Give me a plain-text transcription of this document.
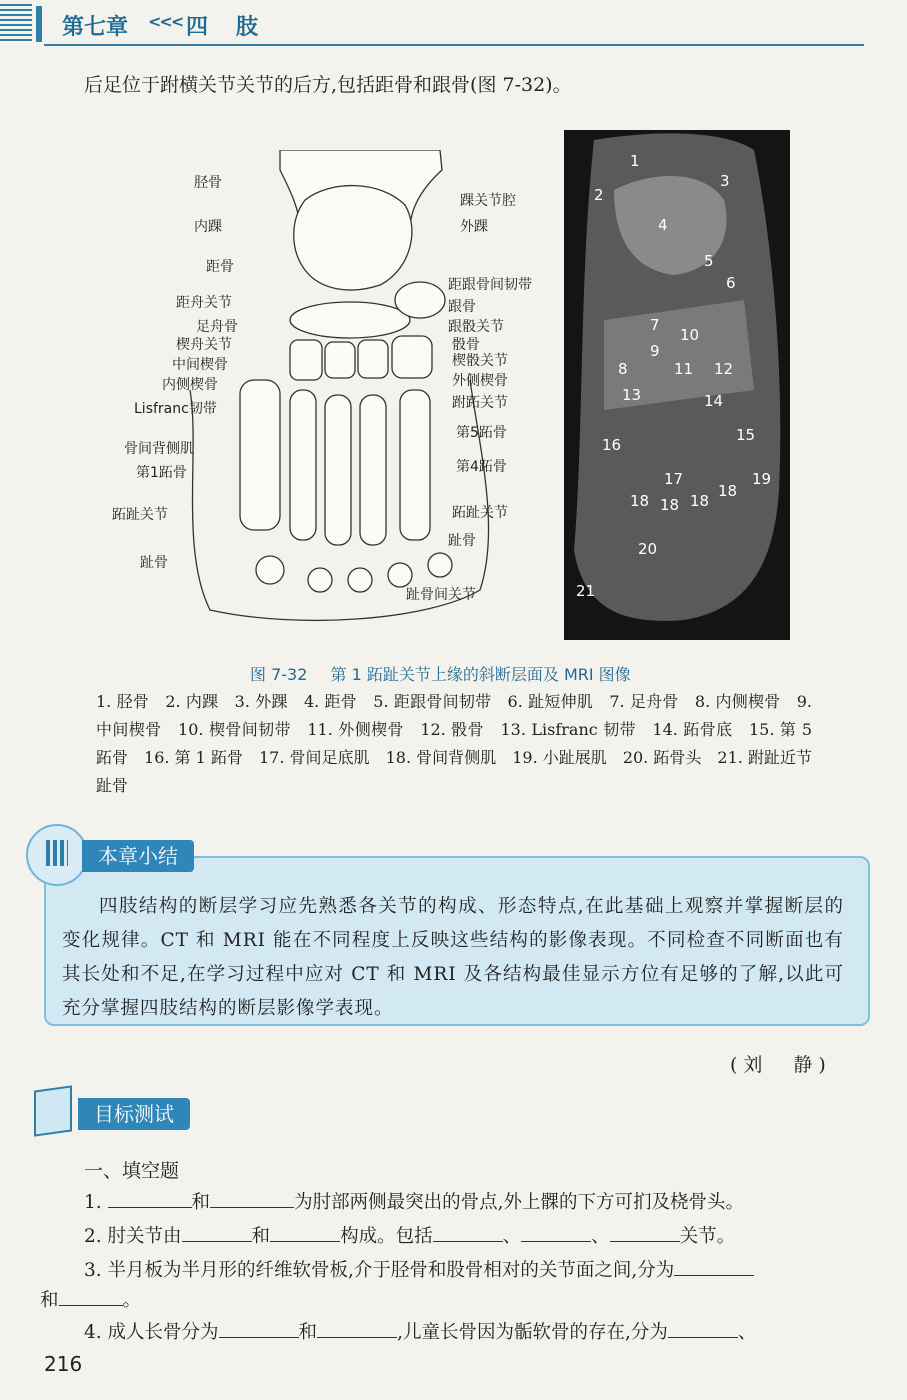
第七章 <<< 四肢
后足位于跗横关节关节的后方,包括距骨和跟骨(图 7-32)。
胫骨
内踝
距骨
距舟关节
足舟骨
楔舟关节
中间楔骨
内侧楔骨
Lisfranc韧带
骨间背侧肌
第1跖骨
跖趾关节
趾骨
踝关节腔
外踝
距跟骨间韧带
跟骨
跟骰关节
骰骨
楔骰关节
外侧楔骨
跗跖关节
第5跖骨
第4跖骨
跖趾关节
趾骨
趾骨间关节
1
2
3
4
5
6
7
10
9
8	11 12
13	14
15
16
17
18 18 18
18
19
20
21
图 7-32 第 1 跖趾关节上缘的斜断层面及 MRI 图像
1. 胫骨　2. 内踝　3. 外踝　4. 距骨　5. 距跟骨间韧带　6. 趾短伸肌　7. 足舟骨　8. 内侧楔骨　9. 中间楔骨　10. 楔骨间韧带　11. 外侧楔骨　12. 骰骨　13. Lisfranc 韧带　14. 跖骨底　15. 第 5 跖骨　16. 第 1 跖骨　17. 骨间足底肌　18. 骨间背侧肌　19. 小趾展肌　20. 跖骨头　21. 跗趾近节趾骨
本章小结
四肢结构的断层学习应先熟悉各关节的构成、形态特点,在此基础上观察并掌握断层的变化规律。CT 和 MRI 能在不同程度上反映这些结构的影像表现。不同检查不同断面也有其长处和不足,在学习过程中应对 CT 和 MRI 及各结构最佳显示方位有足够的了解,以此可充分掌握四肢结构的断层影像学表现。
(刘　静)
目标测试
一、填空题
1.	和	为肘部两侧最突出的骨点,外上髁的下方可扪及桡骨头。
2. 肘关节由	和	构成。包括	、	、	关节。
3. 半月板为半月形的纤维软骨板,介于胫骨和股骨相对的关节面之间,分为
和	。
4. 成人长骨分为	和	,儿童长骨因为骺软骨的存在,分为	、
216
